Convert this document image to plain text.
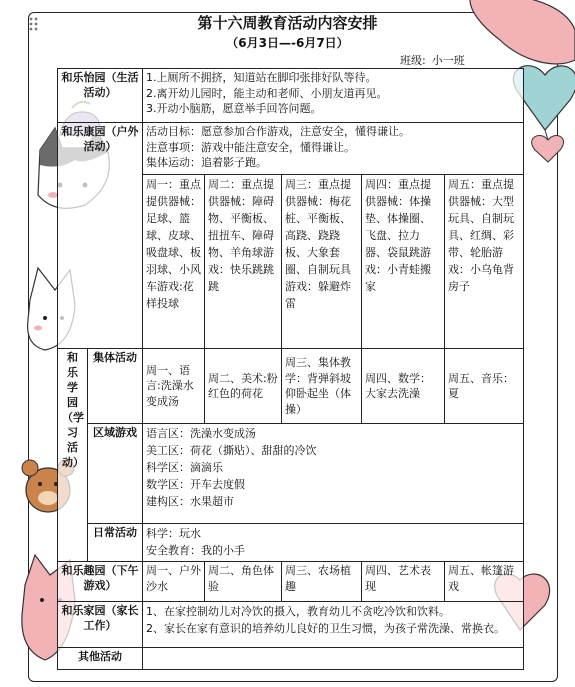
第十六周教育活动内容安排
（6月3日—-6月7日）
班级: 小一班
和乐怡园（生活活动）		1.上厕所不拥挤，知道站在脚印张排好队等待。
2.离开幼儿园时，能主动和老师、小朋友道再见。
3.开动小脑筋，愿意举手回答问题。				

和乐康园（户外活动）		活动目标：愿意参加合作游戏，注意安全，懂得谦让。
注意事项：游戏中能注意安全，懂得谦让。
集体运动：追着影子跑。				

		周一：重点提供器械：足球、篮球、皮球、吸盘球、板羽球、小风车游戏:花样投球	周二：重点提供器械：障碍物、平衡板、扭扭车、障碍物、羊角球游戏：快乐跳跳跳	周三：重点提供器械：梅花桩、平衡板、高跷、跷跷板、大象套圈、自制玩具游戏：躲避炸雷	周四：重点提供器械：体操垫、体操圈、飞盘、拉力器、袋鼠跳游戏：小青蛙搬家	周五：重点提供器械：大型玩具、自制玩具、红绸、彩带、轮胎游戏：小乌龟背房子
和乐学园（学习活动）	集体活动	周一、语言:洗澡水变成汤	周二、美术:粉红色的荷花	周三、集体教学：背弹斜坡仰卧起坐（体操）	周四、数学：大家去洗澡	周五、音乐：夏
	区域游戏	语言区：洗澡水变成汤
美工区：荷花（撕贴）、甜甜的冷饮
科学区：滴滴乐
数学区：开车去度假
建构区：水果超市				

	日常活动	科学：玩水
安全教育：我的小手				

和乐趣园（下午游戏）		周一、户外沙水	周二、角色体验	周三、农场植趣	周四、艺术表现	周五、帐篷游戏
和乐家园（家长工作）		1、在家控制幼儿对冷饮的摄入，教育幼儿不贪吃冷饮和饮料。
2、家长在家有意识的培养幼儿良好的卫生习惯，为孩子常洗澡、常换衣。				

其他活动						
